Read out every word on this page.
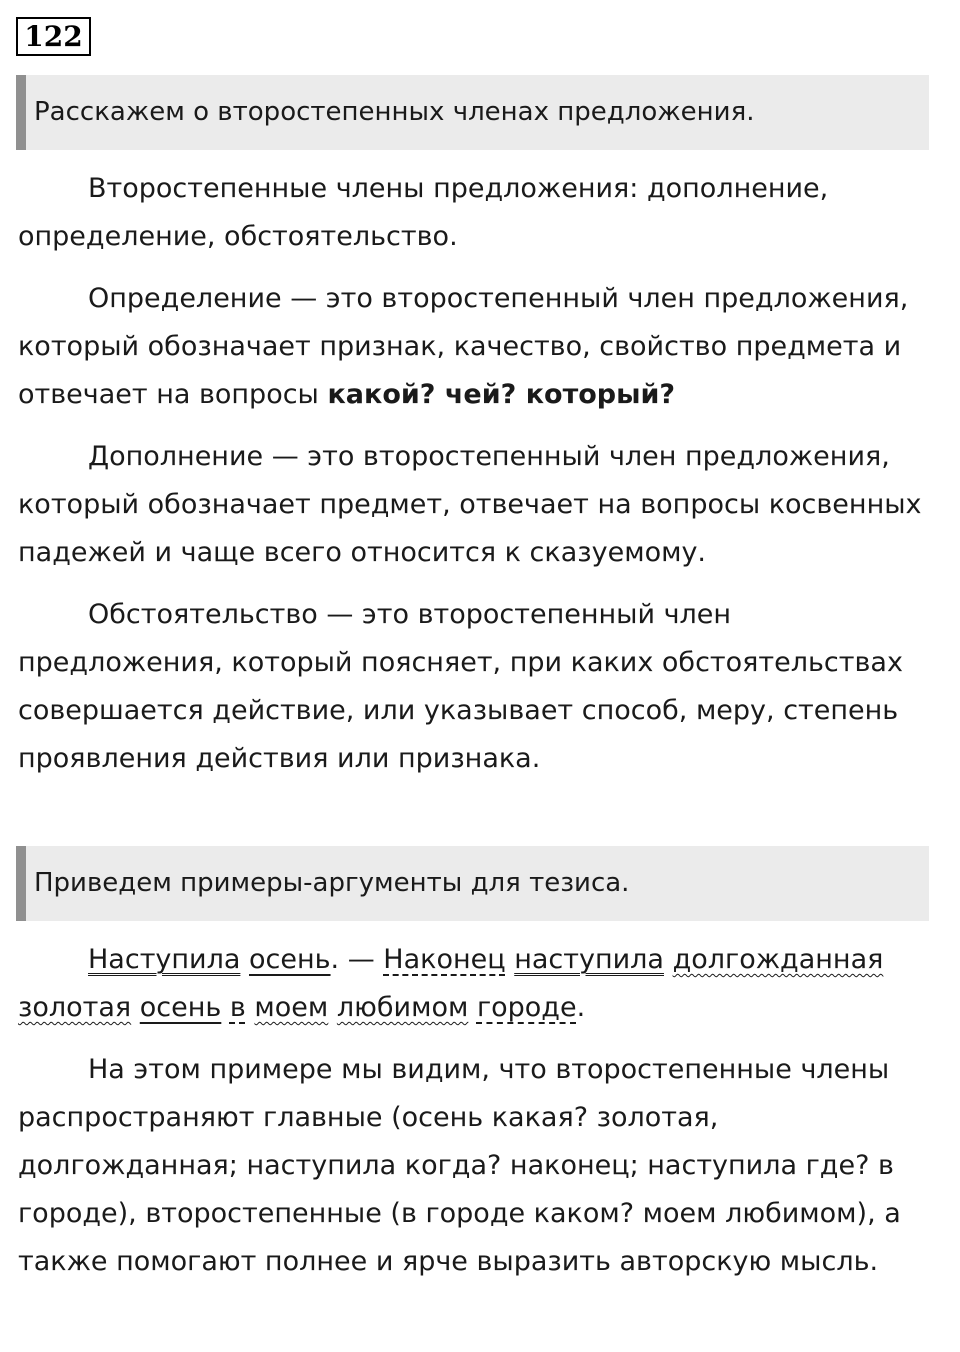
122
Расскажем о второстепенных членах предложения.

Второстепенные члены предложения: дополнение, определение, обстоятельство.

Определение — это второстепенный член предложения, который обозначает признак, качество, свойство предмета и отвечает на вопросы какой? чей? который?

Дополнение — это второстепенный член предложения, который обозначает предмет, отвечает на вопросы косвенных падежей и чаще всего относится к сказуемому.

Обстоятельство — это второстепенный член предложения, который поясняет, при каких обстоятельствах совершается действие, или указывает способ, меру, степень проявления действия или признака.

Приведем примеры-аргументы для тезиса.

Наступила осень. — Наконец наступила долгожданная золотая осень в моем любимом городе.

На этом примере мы видим, что второстепенные члены распространяют главные (осень какая? золотая, долгожданная; наступила когда? наконец; наступила где? в городе), второстепенные (в городе каком? моем любимом), а также помогают полнее и ярче выразить авторскую мысль.
